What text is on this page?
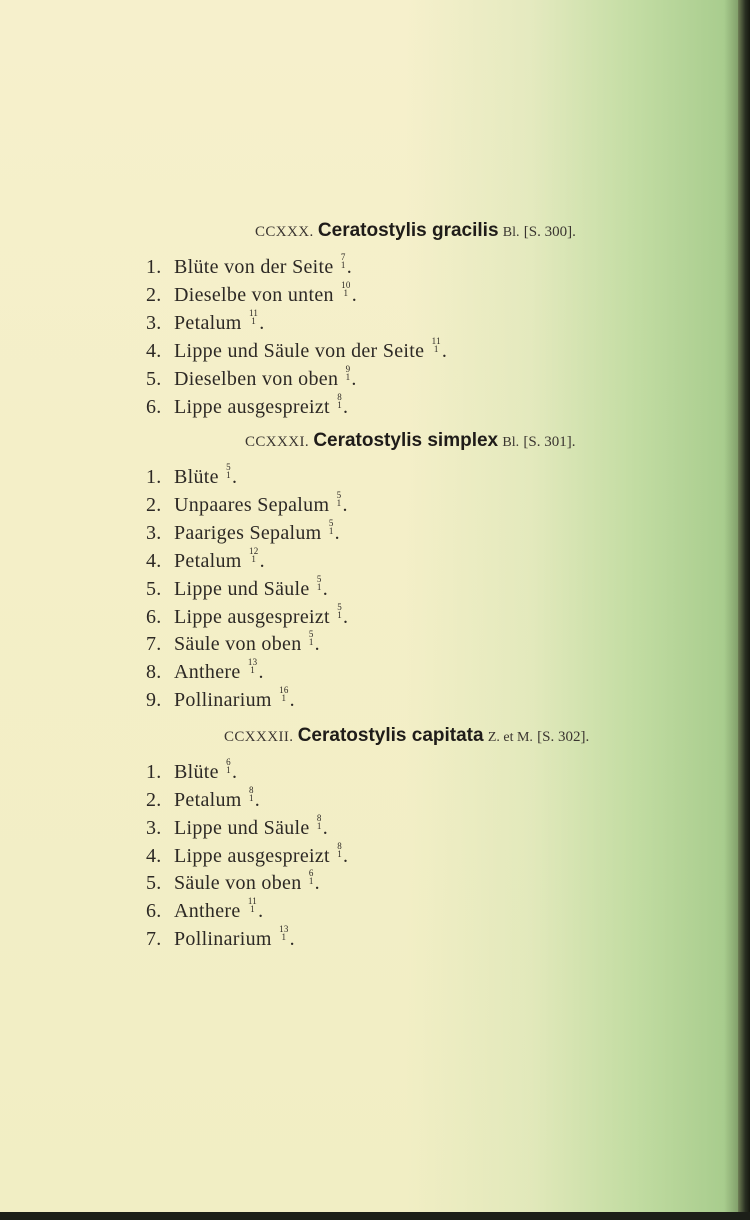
CCXXX. Ceratostylis gracilis Bl. [S. 300].
1. Blüte von der Seite 7
1 .
2. Dieselbe von unten 10
1 .
3. Petalum 11
1 .
4. Lippe und Säule von der Seite 11
1 .
5. Dieselben von oben 9
1 .
6. Lippe ausgespreizt 8
1 .
CCXXXI. Ceratostylis simplex Bl. [S. 301].
1. Blüte 5
1 .
2. Unpaares Sepalum 5
1 .
3. Paariges Sepalum 5
1 .
4. Petalum 12
1 .
5. Lippe und Säule 5
1 .
6. Lippe ausgespreizt 5
1 .
7. Säule von oben 5
1 .
8. Anthere 13
1 .
9. Pollinarium 16
1 .
CCXXXII. Ceratostylis capitata Z. et M. [S. 302].
1. Blüte 6
1 .
2. Petalum 8
1 .
3. Lippe und Säule 8
1 .
4. Lippe ausgespreizt 8
1 .
5. Säule von oben 6
1 .
6. Anthere 11
1 .
7. Pollinarium 13
1 .
